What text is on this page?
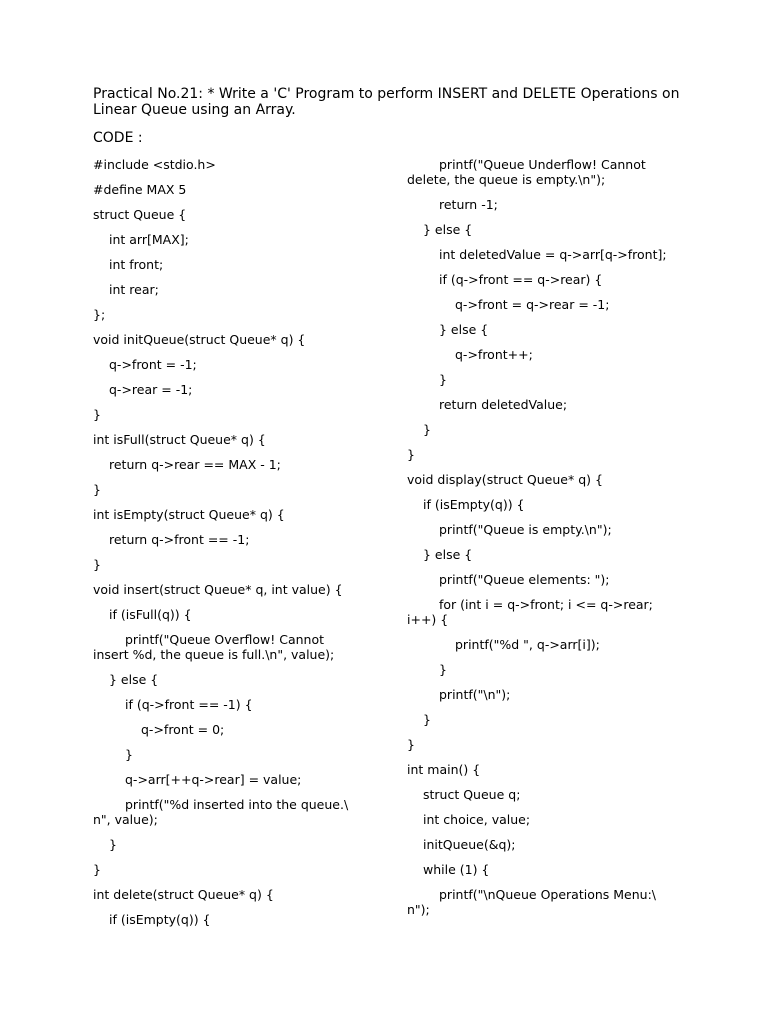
Practical No.21: * Write a 'C' Program to perform INSERT and DELETE Operations on Linear Queue using an Array.
CODE :
#include <stdio.h>
#define MAX 5
struct Queue {
int arr[MAX];
int front;
int rear;
};
void initQueue(struct Queue* q) {
q->front = -1;
q->rear = -1;
}
int isFull(struct Queue* q) {
return q->rear == MAX - 1;
}
int isEmpty(struct Queue* q) {
return q->front == -1;
}
void insert(struct Queue* q, int value) {
if (isFull(q)) {
printf("Queue Overflow! Cannot
insert %d, the queue is full.\n", value);
} else {
if (q->front == -1) {
q->front = 0;
}
q->arr[++q->rear] = value;
printf("%d inserted into the queue.\
n", value);
}
}
int delete(struct Queue* q) {
if (isEmpty(q)) {
printf("Queue Underflow! Cannot
delete, the queue is empty.\n");
return -1;
} else {
int deletedValue = q->arr[q->front];
if (q->front == q->rear) {
q->front = q->rear = -1;
} else {
q->front++;
}
return deletedValue;
}
}
void display(struct Queue* q) {
if (isEmpty(q)) {
printf("Queue is empty.\n");
} else {
printf("Queue elements: ");
for (int i = q->front; i <= q->rear;
i++) {
printf("%d ", q->arr[i]);
}
printf("\n");
}
}
int main() {
struct Queue q;
int choice, value;
initQueue(&q);
while (1) {
printf("\nQueue Operations Menu:\
n");
